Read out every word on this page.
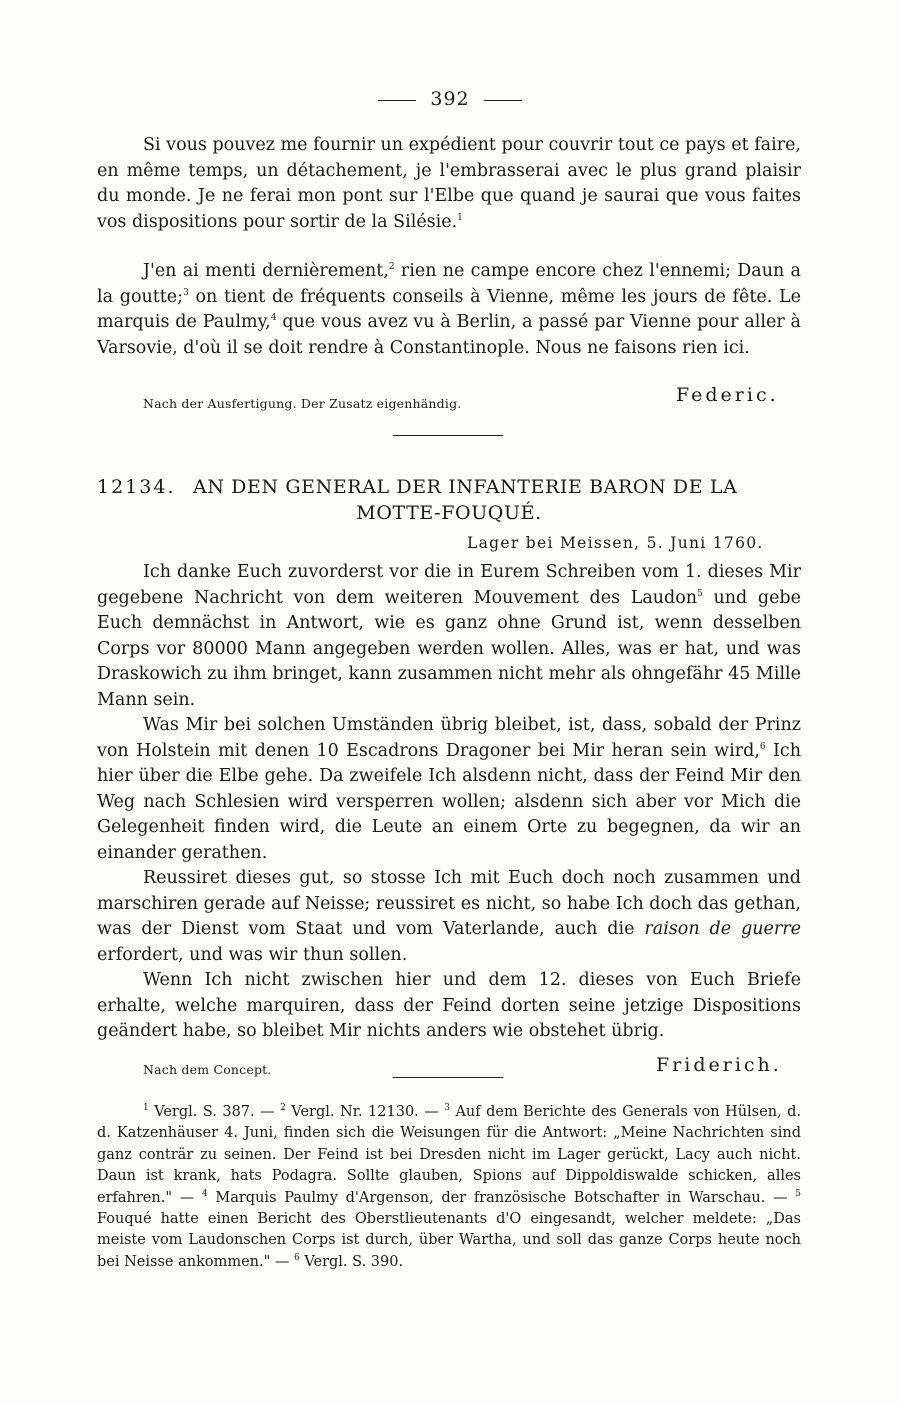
392

Si vous pouvez me fournir un expédient pour couvrir tout ce pays et faire, en même temps, un détachement, je l'embrasserai avec le plus grand plaisir du monde. Je ne ferai mon pont sur l'Elbe que quand je saurai que vous faites vos dispositions pour sortir de la Silésie.$^1$

J'en ai menti dernièrement,$^2$ rien ne campe encore chez l'ennemi; Daun a la goutte;$^3$ on tient de fréquents conseils à Vienne, même les jours de fête. Le marquis de Paulmy,$^4$ que vous avez vu à Berlin, a passé par Vienne pour aller à Varsovie, d'où il se doit rendre à Constantinople. Nous ne faisons rien ici.

Nach der Ausfertigung. Der Zusatz eigenhändig.	Federic.
12134. AN DEN GENERAL DER INFANTERIE BARON DE LA
MOTTE-FOUQUÉ.
Lager bei Meissen, 5. Juni 1760.

Ich danke Euch zuvorderst vor die in Eurem Schreiben vom 1. dieses Mir gegebene Nachricht von dem weiteren Mouvement des Laudon$^5$ und gebe Euch demnächst in Antwort, wie es ganz ohne Grund ist, wenn desselben Corps vor 80000 Mann angegeben werden wollen. Alles, was er hat, und was Draskowich zu ihm bringet, kann zusammen nicht mehr als ohngefähr 45 Mille Mann sein.

Was Mir bei solchen Umständen übrig bleibet, ist, dass, sobald der Prinz von Holstein mit denen 10 Escadrons Dragoner bei Mir heran sein wird,$^6$ Ich hier über die Elbe gehe. Da zweifele Ich alsdenn nicht, dass der Feind Mir den Weg nach Schlesien wird versperren wollen; alsdenn sich aber vor Mich die Gelegenheit finden wird, die Leute an einem Orte zu begegnen, da wir an einander gerathen.

Reussiret dieses gut, so stosse Ich mit Euch doch noch zusammen und marschiren gerade auf Neisse; reussiret es nicht, so habe Ich doch das gethan, was der Dienst vom Staat und vom Vaterlande, auch die raison de guerre erfordert, und was wir thun sollen.

Wenn Ich nicht zwischen hier und dem 12. dieses von Euch Briefe erhalte, welche marquiren, dass der Feind dorten seine jetzige Dispositions geändert habe, so bleibet Mir nichts anders wie obstehet übrig.

Nach dem Concept.	Friderich.

$^1$ Vergl. S. 387. — $^2$ Vergl. Nr. 12130. — $^3$ Auf dem Berichte des Generals von Hülsen, d. d. Katzenhäuser 4. Juni, finden sich die Weisungen für die Antwort: „Meine Nachrichten sind ganz conträr zu seinen. Der Feind ist bei Dresden nicht im Lager gerückt, Lacy auch nicht. Daun ist krank, hats Podagra. Sollte glauben, Spions auf Dippoldiswalde schicken, alles erfahren." — $^4$ Marquis Paulmy d'Argenson, der französische Botschafter in Warschau. — $^5$ Fouqué hatte einen Bericht des Oberstlieutenants d'O eingesandt, welcher meldete: „Das meiste vom Laudonschen Corps ist durch, über Wartha, und soll das ganze Corps heute noch bei Neisse ankommen." — $^6$ Vergl. S. 390.
